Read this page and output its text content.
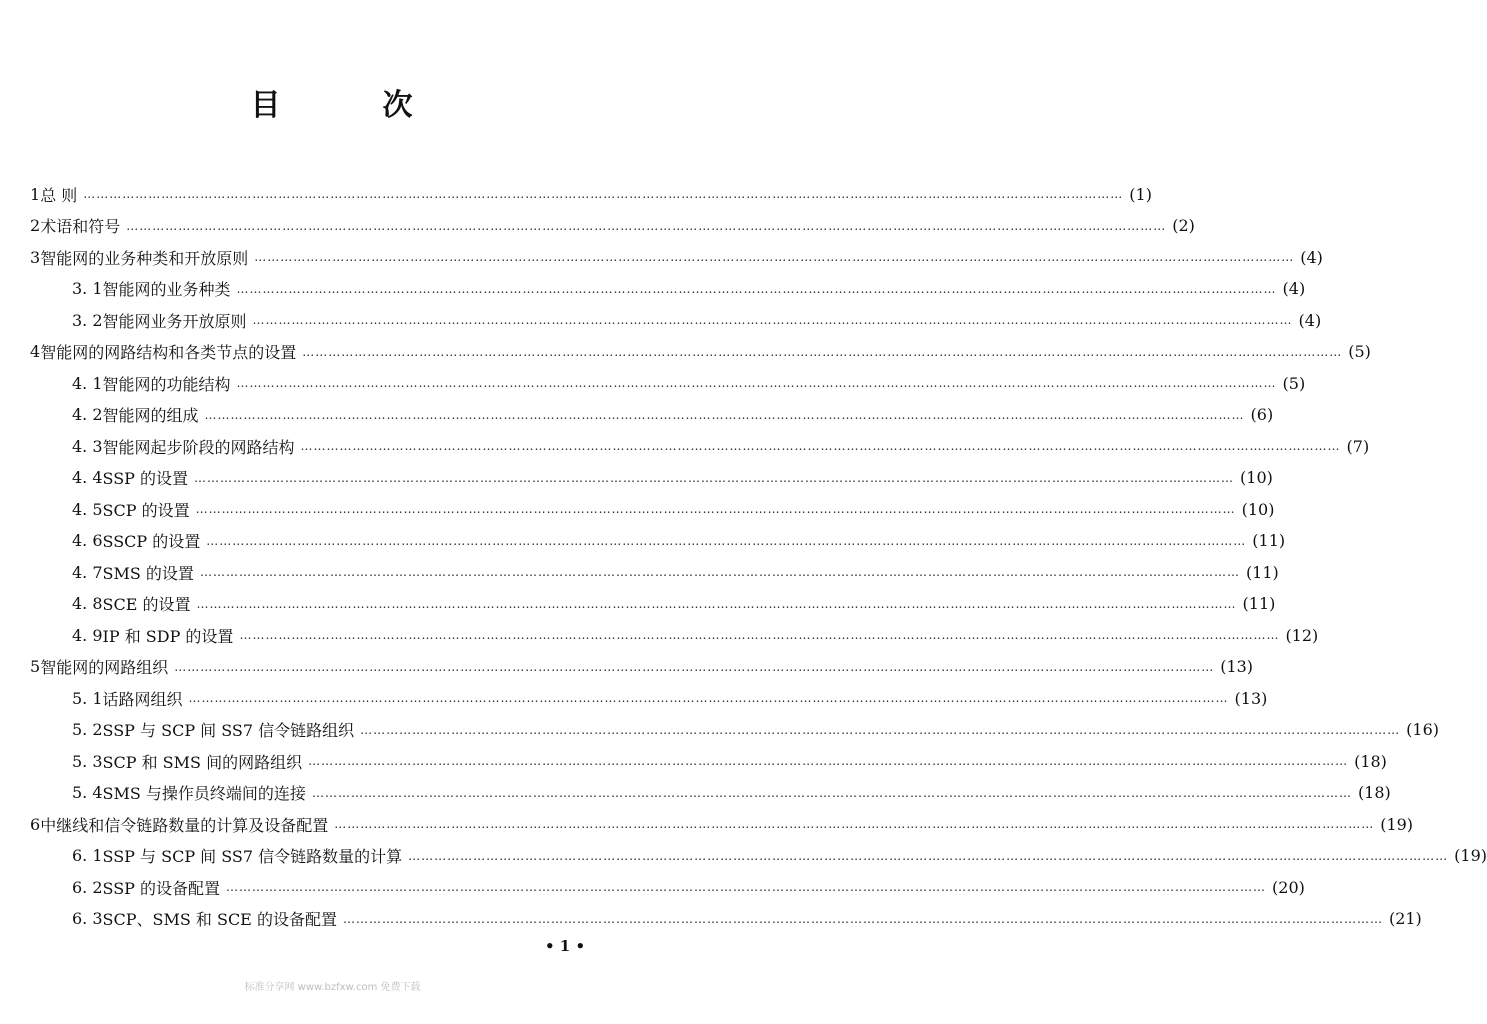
目	次
1 总 则 …………………………………………………………………………………………………………………………………………………………………………………………………………………… (1)
2 术语和符号 …………………………………………………………………………………………………………………………………………………………………………………………………………………… (2)
3 智能网的业务种类和开放原则 …………………………………………………………………………………………………………………………………………………………………………………………………………………… (4)
3. 1 智能网的业务种类 …………………………………………………………………………………………………………………………………………………………………………………………………………………… (4)
3. 2 智能网业务开放原则 …………………………………………………………………………………………………………………………………………………………………………………………………………………… (4)
4 智能网的网路结构和各类节点的设置 …………………………………………………………………………………………………………………………………………………………………………………………………………………… (5)
4. 1 智能网的功能结构 …………………………………………………………………………………………………………………………………………………………………………………………………………………… (5)
4. 2 智能网的组成 …………………………………………………………………………………………………………………………………………………………………………………………………………………… (6)
4. 3 智能网起步阶段的网路结构 …………………………………………………………………………………………………………………………………………………………………………………………………………………… (7)
4. 4 SSP 的设置 …………………………………………………………………………………………………………………………………………………………………………………………………………………… (10)
4. 5 SCP 的设置 …………………………………………………………………………………………………………………………………………………………………………………………………………………… (10)
4. 6 SSCP 的设置 …………………………………………………………………………………………………………………………………………………………………………………………………………………… (11)
4. 7 SMS 的设置 …………………………………………………………………………………………………………………………………………………………………………………………………………………… (11)
4. 8 SCE 的设置 …………………………………………………………………………………………………………………………………………………………………………………………………………………… (11)
4. 9 IP 和 SDP 的设置 …………………………………………………………………………………………………………………………………………………………………………………………………………………… (12)
5 智能网的网路组织 …………………………………………………………………………………………………………………………………………………………………………………………………………………… (13)
5. 1 话路网组织 …………………………………………………………………………………………………………………………………………………………………………………………………………………… (13)
5. 2 SSP 与 SCP 间 SS7 信令链路组织 …………………………………………………………………………………………………………………………………………………………………………………………………………………… (16)
5. 3 SCP 和 SMS 间的网路组织 …………………………………………………………………………………………………………………………………………………………………………………………………………………… (18)
5. 4 SMS 与操作员终端间的连接 …………………………………………………………………………………………………………………………………………………………………………………………………………………… (18)
6 中继线和信令链路数量的计算及设备配置 …………………………………………………………………………………………………………………………………………………………………………………………………………………… (19)
6. 1 SSP 与 SCP 间 SS7 信令链路数量的计算 …………………………………………………………………………………………………………………………………………………………………………………………………………………… (19)
6. 2 SSP 的设备配置 …………………………………………………………………………………………………………………………………………………………………………………………………………………… (20)
6. 3 SCP、SMS 和 SCE 的设备配置 …………………………………………………………………………………………………………………………………………………………………………………………………………………… (21)
• 1 •
标准分享网 www.bzfxw.com 免费下载
